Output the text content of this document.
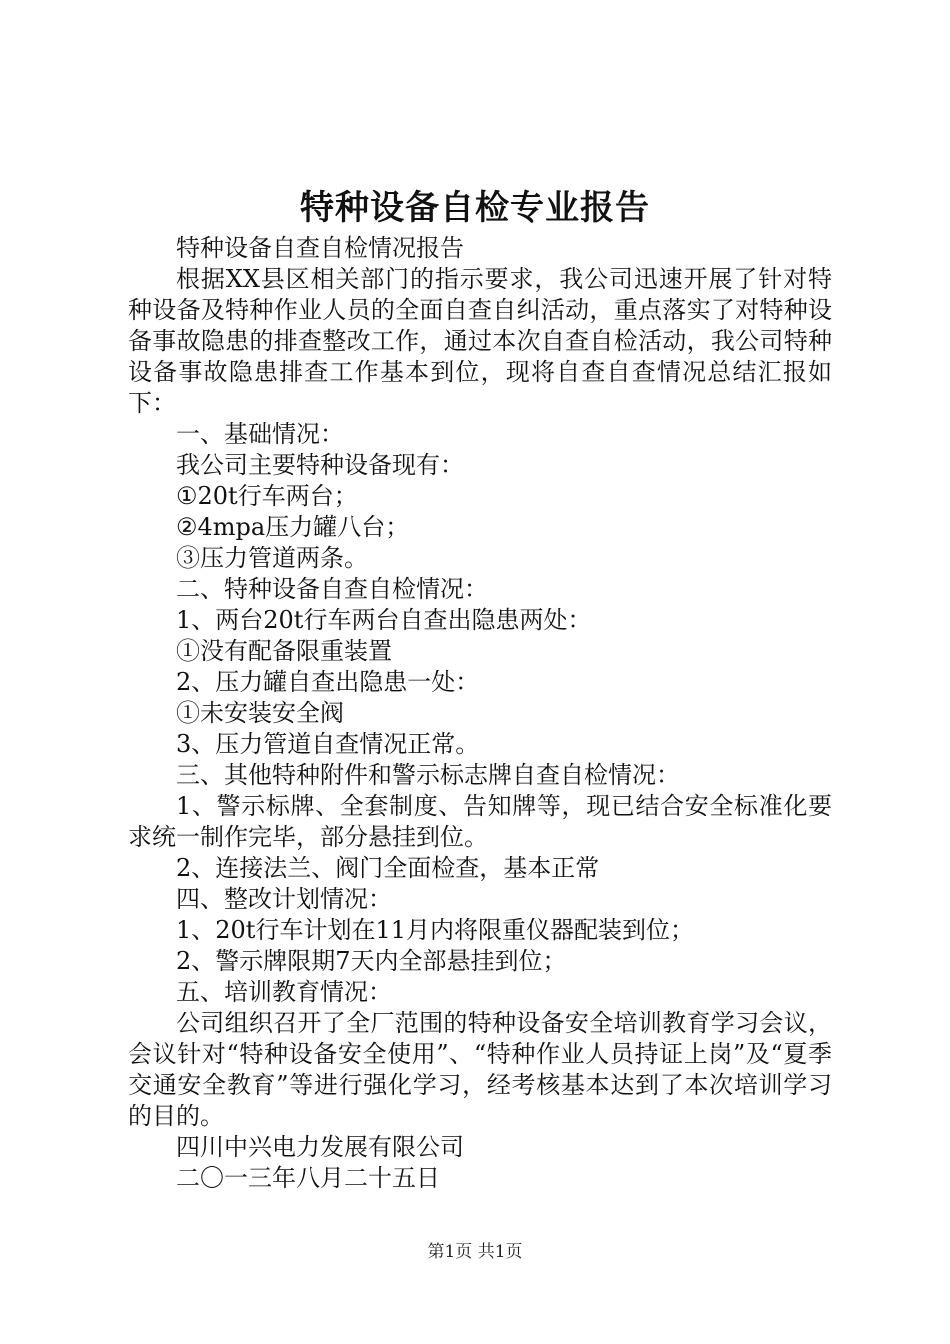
特种设备自检专业报告

特种设备自查自检情况报告

根据XX县区相关部门的指示要求，我公司迅速开展了针对特种设备及特种作业人员的全面自查自纠活动，重点落实了对特种设备事故隐患的排查整改工作，通过本次自查自检活动，我公司特种设备事故隐患排查工作基本到位，现将自查自查情况总结汇报如下：

一、基础情况：

我公司主要特种设备现有：

①20t行车两台；

②4mpa压力罐八台；

③压力管道两条。

二、特种设备自查自检情况：

1、两台20t行车两台自查出隐患两处：

①没有配备限重装置

2、压力罐自查出隐患一处：

①未安装安全阀

3、压力管道自查情况正常。

三、其他特种附件和警示标志牌自查自检情况：

1、警示标牌、全套制度、告知牌等，现已结合安全标准化要求统一制作完毕，部分悬挂到位。

2、连接法兰、阀门全面检查，基本正常

四、整改计划情况：

1、20t行车计划在11月内将限重仪器配装到位；

2、警示牌限期7天内全部悬挂到位；

五、培训教育情况：

公司组织召开了全厂范围的特种设备安全培训教育学习会议，会议针对“特种设备安全使用”、“特种作业人员持证上岗”及“夏季交通安全教育”等进行强化学习，经考核基本达到了本次培训学习的目的。

四川中兴电力发展有限公司

二〇一三年八月二十五日

第1页 共1页
